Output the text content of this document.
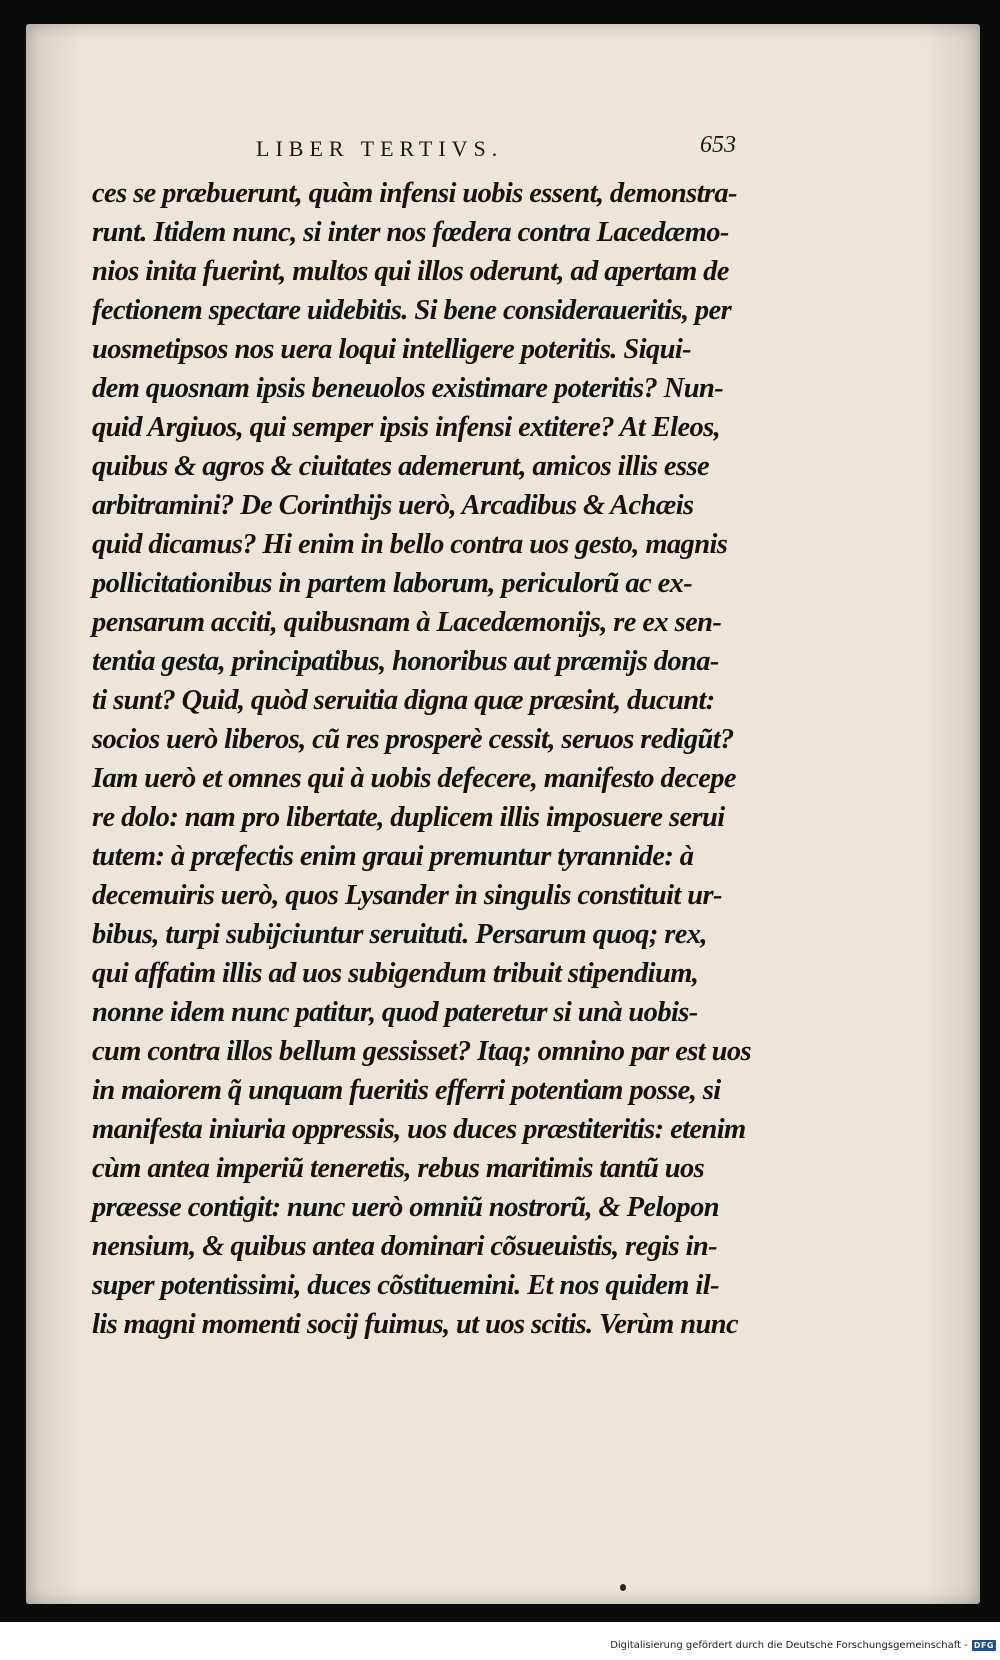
LIBER TERTIVS.	653
ces se præbuerunt, quàm infensi uobis essent, demonstra-
runt. Itidem nunc, si inter nos fœdera contra Lacedæmo-
nios inita fuerint, multos qui illos oderunt, ad apertam de
fectionem spectare uidebitis. Si bene consideraueritis, per
uosmetipsos nos uera loqui intelligere poteritis. Siqui-
dem quosnam ipsis beneuolos existimare poteritis? Nun-
quid Argiuos, qui semper ipsis infensi extitere? At Eleos,
quibus & agros & ciuitates ademerunt, amicos illis esse
arbitramini? De Corinthijs uerò, Arcadibus & Achæis
quid dicamus? Hi enim in bello contra uos gesto, magnis
pollicitationibus in partem laborum, periculorũ ac ex-
pensarum acciti, quibusnam à Lacedæmonijs, re ex sen-
tentia gesta, principatibus, honoribus aut præmijs dona-
ti sunt? Quid, quòd seruitia digna quæ præsint, ducunt:
socios uerò liberos, cũ res prosperè cessit, seruos redigũt?
Iam uerò et omnes qui à uobis defecere, manifesto decepe
re dolo: nam pro libertate, duplicem illis imposuere serui
tutem: à præfectis enim graui premuntur tyrannide: à
decemuiris uerò, quos Lysander in singulis constituit ur-
bibus, turpi subijciuntur seruituti. Persarum quoq; rex,
qui affatim illis ad uos subigendum tribuit stipendium,
nonne idem nunc patitur, quod pateretur si unà uobis-
cum contra illos bellum gessisset? Itaq; omnino par est uos
in maiorem q̃ unquam fueritis efferri potentiam posse, si
manifesta iniuria oppressis, uos duces præstiteritis: etenim
cùm antea imperiũ teneretis, rebus maritimis tantũ uos
præesse contigit: nunc uerò omniũ nostrorũ, & Pelopon
nensium, & quibus antea dominari cõsueuistis, regis in-
super potentissimi, duces cõstituemini. Et nos quidem il-
lis magni momenti socij fuimus, ut uos scitis. Verùm nunc
Digitalisierung gefördert durch die Deutsche Forschungsgemeinschaft - DFG
